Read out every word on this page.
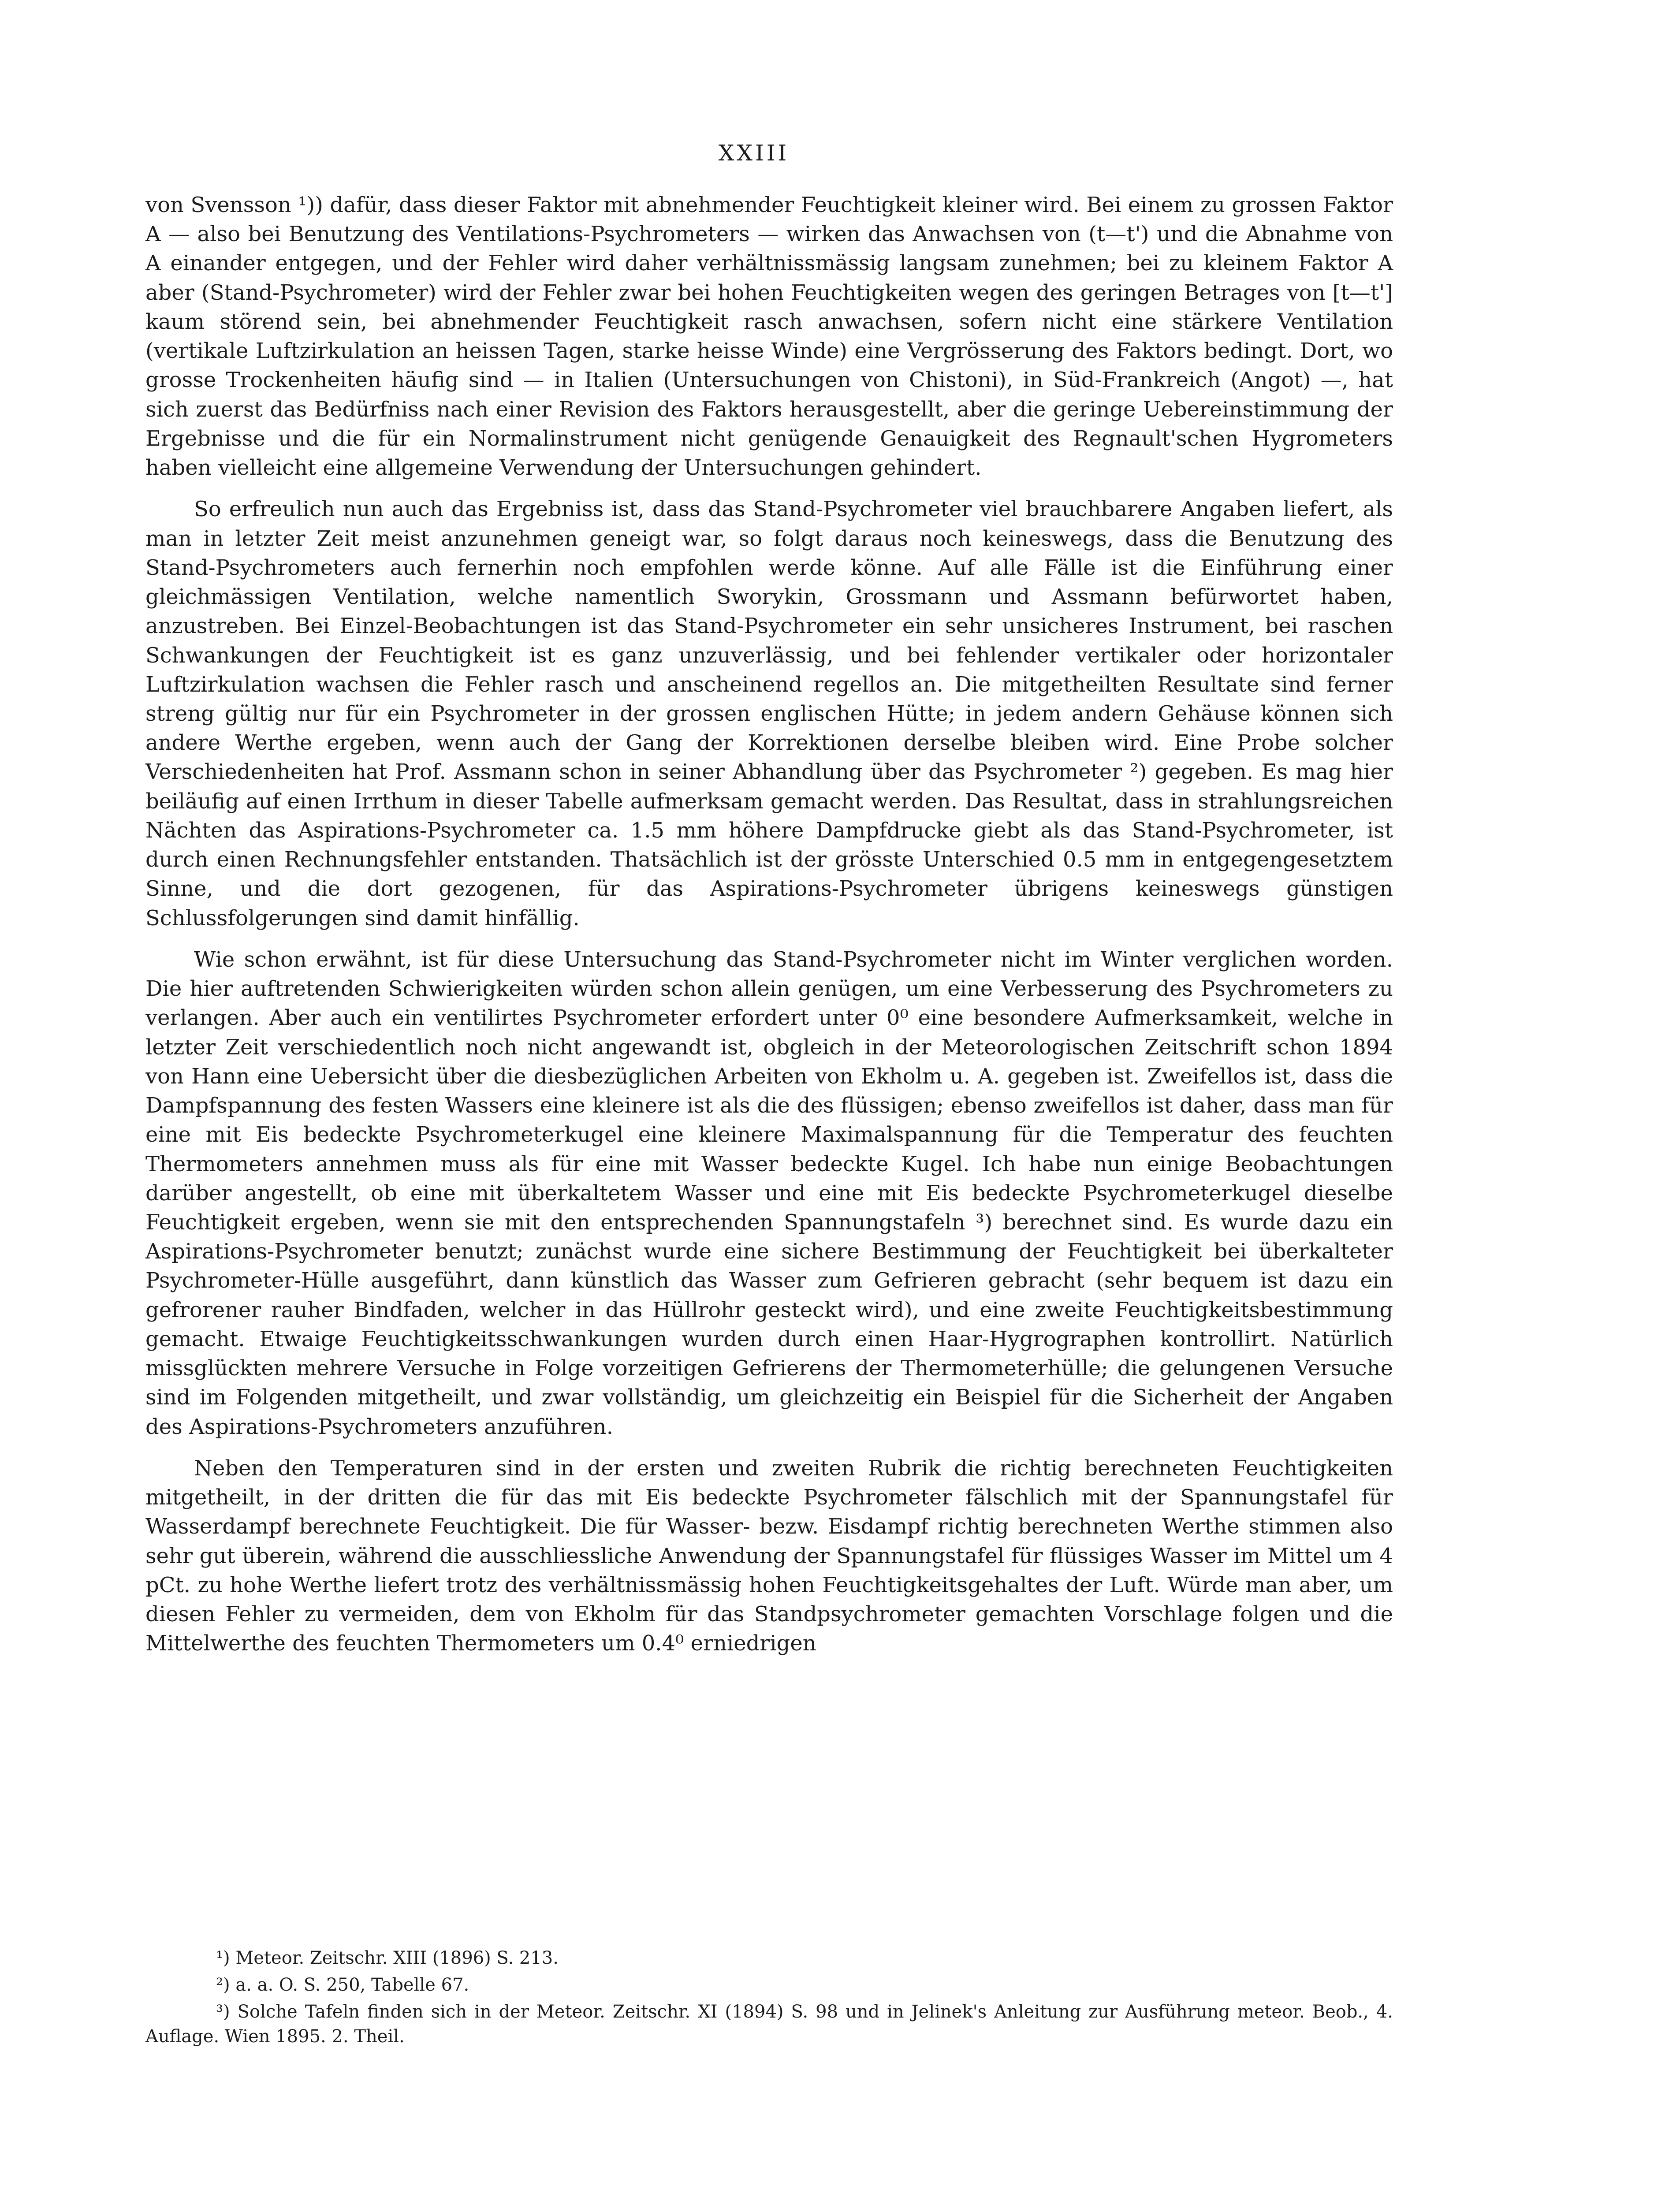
XXIII

von Svensson ¹)) dafür, dass dieser Faktor mit abnehmender Feuchtigkeit kleiner wird. Bei einem zu grossen Faktor A — also bei Benutzung des Ventilations-Psychrometers — wirken das Anwachsen von (t—t') und die Abnahme von A einander entgegen, und der Fehler wird daher verhältnissmässig langsam zunehmen; bei zu kleinem Faktor A aber (Stand-Psychrometer) wird der Fehler zwar bei hohen Feuchtigkeiten wegen des geringen Betrages von [t—t'] kaum störend sein, bei abnehmender Feuchtigkeit rasch anwachsen, sofern nicht eine stärkere Ventilation (vertikale Luftzirkulation an heissen Tagen, starke heisse Winde) eine Vergrösserung des Faktors bedingt. Dort, wo grosse Trockenheiten häufig sind — in Italien (Untersuchungen von Chistoni), in Süd-Frankreich (Angot) —, hat sich zuerst das Bedürfniss nach einer Revision des Faktors herausgestellt, aber die geringe Uebereinstimmung der Ergebnisse und die für ein Normalinstrument nicht genügende Genauigkeit des Regnault'schen Hygrometers haben vielleicht eine allgemeine Verwendung der Untersuchungen gehindert.

So erfreulich nun auch das Ergebniss ist, dass das Stand-Psychrometer viel brauchbarere Angaben liefert, als man in letzter Zeit meist anzunehmen geneigt war, so folgt daraus noch keineswegs, dass die Benutzung des Stand-Psychrometers auch fernerhin noch empfohlen werde könne. Auf alle Fälle ist die Einführung einer gleichmässigen Ventilation, welche namentlich Sworykin, Grossmann und Assmann befürwortet haben, anzustreben. Bei Einzel-Beobachtungen ist das Stand-Psychrometer ein sehr unsicheres Instrument, bei raschen Schwankungen der Feuchtigkeit ist es ganz unzuverlässig, und bei fehlender vertikaler oder horizontaler Luftzirkulation wachsen die Fehler rasch und anscheinend regellos an. Die mitgetheilten Resultate sind ferner streng gültig nur für ein Psychrometer in der grossen englischen Hütte; in jedem andern Gehäuse können sich andere Werthe ergeben, wenn auch der Gang der Korrektionen derselbe bleiben wird. Eine Probe solcher Verschiedenheiten hat Prof. Assmann schon in seiner Abhandlung über das Psychrometer ²) gegeben. Es mag hier beiläufig auf einen Irrthum in dieser Tabelle aufmerksam gemacht werden. Das Resultat, dass in strahlungsreichen Nächten das Aspirations-Psychrometer ca. 1.5 mm höhere Dampfdrucke giebt als das Stand-Psychrometer, ist durch einen Rechnungsfehler entstanden. Thatsächlich ist der grösste Unterschied 0.5 mm in entgegengesetztem Sinne, und die dort gezogenen, für das Aspirations-Psychrometer übrigens keineswegs günstigen Schlussfolgerungen sind damit hinfällig.

Wie schon erwähnt, ist für diese Untersuchung das Stand-Psychrometer nicht im Winter verglichen worden. Die hier auftretenden Schwierigkeiten würden schon allein genügen, um eine Verbesserung des Psychrometers zu verlangen. Aber auch ein ventilirtes Psychrometer erfordert unter 0⁰ eine besondere Aufmerksamkeit, welche in letzter Zeit verschiedentlich noch nicht angewandt ist, obgleich in der Meteorologischen Zeitschrift schon 1894 von Hann eine Uebersicht über die diesbezüglichen Arbeiten von Ekholm u. A. gegeben ist. Zweifellos ist, dass die Dampfspannung des festen Wassers eine kleinere ist als die des flüssigen; ebenso zweifellos ist daher, dass man für eine mit Eis bedeckte Psychrometerkugel eine kleinere Maximalspannung für die Temperatur des feuchten Thermometers annehmen muss als für eine mit Wasser bedeckte Kugel. Ich habe nun einige Beobachtungen darüber angestellt, ob eine mit überkaltetem Wasser und eine mit Eis bedeckte Psychrometerkugel dieselbe Feuchtigkeit ergeben, wenn sie mit den entsprechenden Spannungstafeln ³) berechnet sind. Es wurde dazu ein Aspirations-Psychrometer benutzt; zunächst wurde eine sichere Bestimmung der Feuchtigkeit bei überkalteter Psychrometer-Hülle ausgeführt, dann künstlich das Wasser zum Gefrieren gebracht (sehr bequem ist dazu ein gefrorener rauher Bindfaden, welcher in das Hüllrohr gesteckt wird), und eine zweite Feuchtigkeitsbestimmung gemacht. Etwaige Feuchtigkeitsschwankungen wurden durch einen Haar-Hygrographen kontrollirt. Natürlich missglückten mehrere Versuche in Folge vorzeitigen Gefrierens der Thermometerhülle; die gelungenen Versuche sind im Folgenden mitgetheilt, und zwar vollständig, um gleichzeitig ein Beispiel für die Sicherheit der Angaben des Aspirations-Psychrometers anzuführen.

Neben den Temperaturen sind in der ersten und zweiten Rubrik die richtig berechneten Feuchtigkeiten mitgetheilt, in der dritten die für das mit Eis bedeckte Psychrometer fälschlich mit der Spannungstafel für Wasserdampf berechnete Feuchtigkeit. Die für Wasser- bezw. Eisdampf richtig berechneten Werthe stimmen also sehr gut überein, während die ausschliessliche Anwendung der Spannungstafel für flüssiges Wasser im Mittel um 4 pCt. zu hohe Werthe liefert trotz des verhältnissmässig hohen Feuchtigkeitsgehaltes der Luft. Würde man aber, um diesen Fehler zu vermeiden, dem von Ekholm für das Standpsychrometer gemachten Vorschlage folgen und die Mittelwerthe des feuchten Thermometers um 0.4⁰ erniedrigen

¹) Meteor. Zeitschr. XIII (1896) S. 213.

²) a. a. O. S. 250, Tabelle 67.

³) Solche Tafeln finden sich in der Meteor. Zeitschr. XI (1894) S. 98 und in Jelinek's Anleitung zur Ausführung meteor. Beob., 4. Auflage. Wien 1895. 2. Theil.
